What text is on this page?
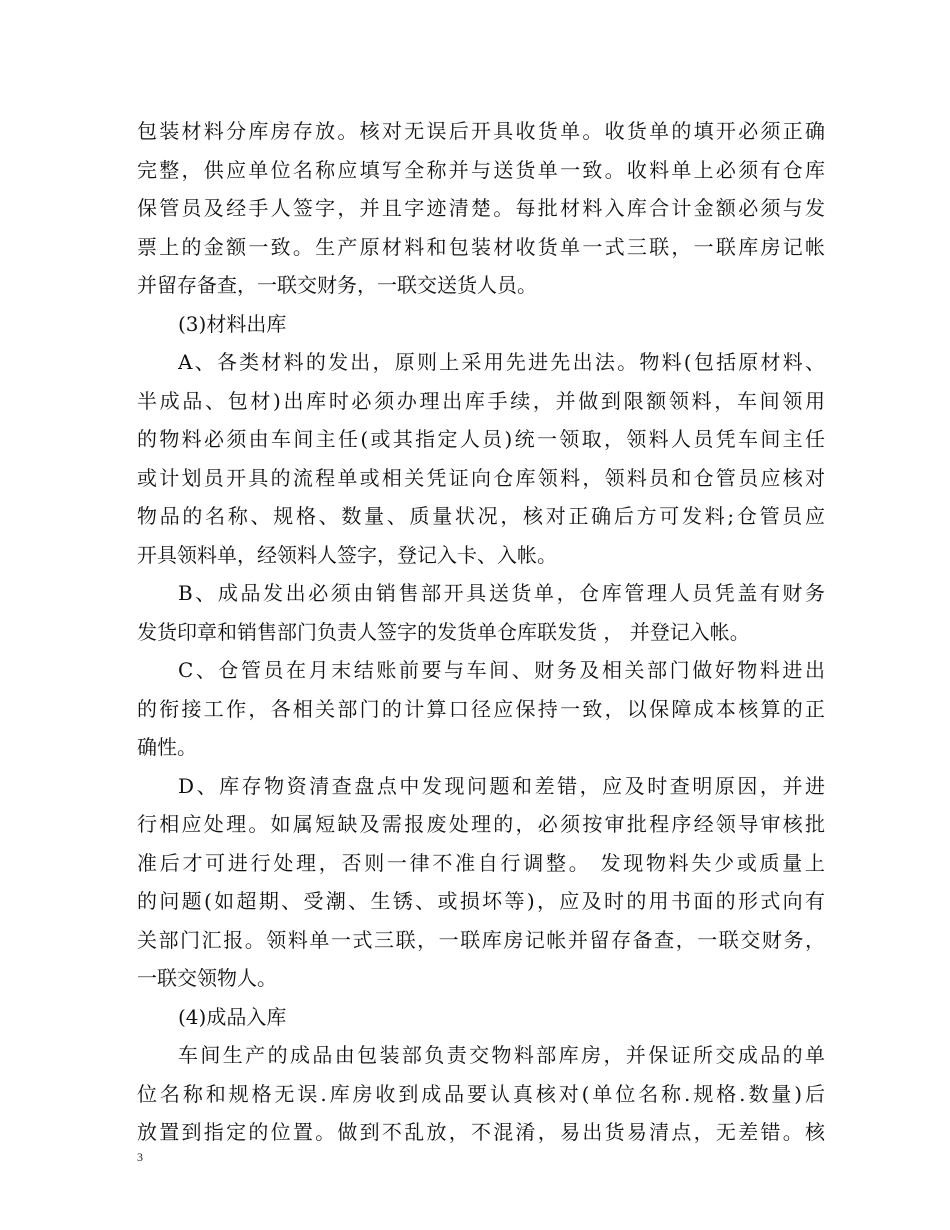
包装材料分库房存放。核对无误后开具收货单。收货单的填开必须正确
完整，供应单位名称应填写全称并与送货单一致。收料单上必须有仓库
保管员及经手人签字，并且字迹清楚。每批材料入库合计金额必须与发
票上的金额一致。生产原材料和包装材收货单一式三联，一联库房记帐
并留存备查，一联交财务，一联交送货人员。
(3)材料出库
A、各类材料的发出，原则上采用先进先出法。物料(包括原材料、
半成品、包材)出库时必须办理出库手续，并做到限额领料，车间领用
的物料必须由车间主任(或其指定人员)统一领取，领料人员凭车间主任
或计划员开具的流程单或相关凭证向仓库领料，领料员和仓管员应核对
物品的名称、规格、数量、质量状况，核对正确后方可发料;仓管员应
开具领料单，经领料人签字，登记入卡、入帐。
B、成品发出必须由销售部开具送货单，仓库管理人员凭盖有财务
发货印章和销售部门负责人签字的发货单仓库联发货 ， 并登记入帐。
C、仓管员在月末结账前要与车间、财务及相关部门做好物料进出
的衔接工作，各相关部门的计算口径应保持一致，以保障成本核算的正
确性。
D、库存物资清查盘点中发现问题和差错，应及时查明原因，并进
行相应处理。如属短缺及需报废处理的，必须按审批程序经领导审核批
准后才可进行处理，否则一律不准自行调整。 发现物料失少或质量上
的问题(如超期、受潮、生锈、或损坏等)，应及时的用书面的形式向有
关部门汇报。领料单一式三联，一联库房记帐并留存备查，一联交财务，
一联交领物人。
(4)成品入库
车间生产的成品由包装部负责交物料部库房，并保证所交成品的单
位名称和规格无误.库房收到成品要认真核对(单位名称.规格.数量)后
放置到指定的位置。做到不乱放，不混淆，易出货易清点，无差错。核
3
